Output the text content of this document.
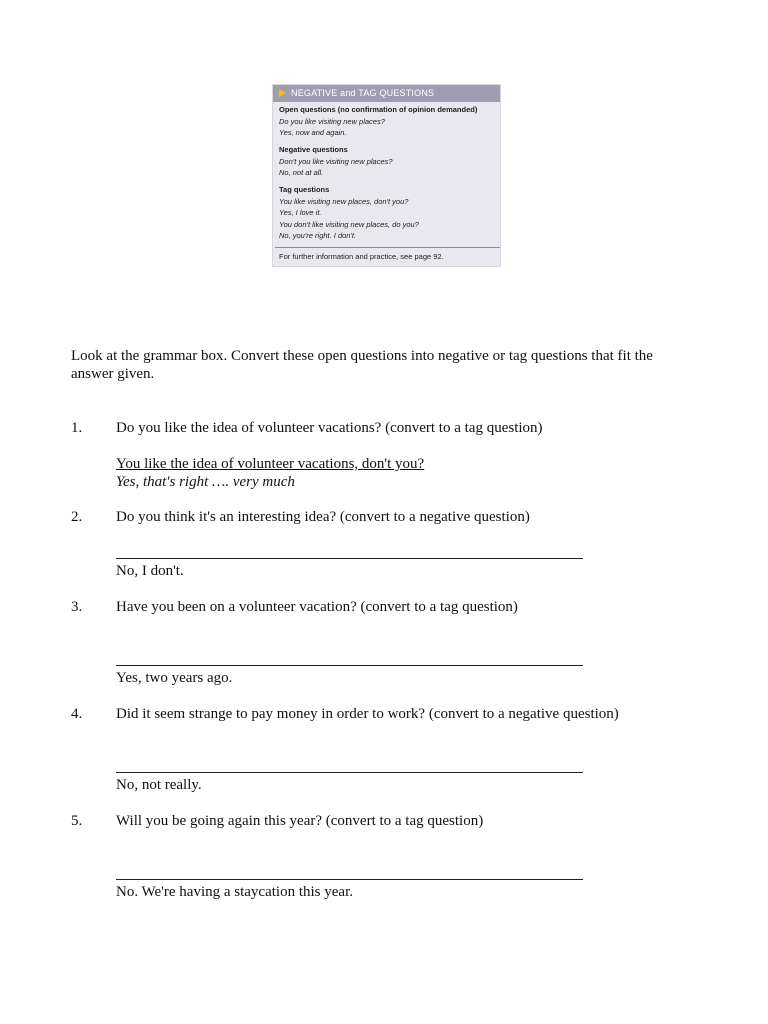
NEGATIVE and TAG QUESTIONS
Open questions (no confirmation of opinion demanded)
Do you like visiting new places?
Yes, now and again.
Negative questions
Don't you like visiting new places?
No, not at all.
Tag questions
You like visiting new places, don't you?
Yes, I love it.
You don't like visiting new places, do you?
No, you're right. I don't.
For further information and practice, see page 92.
Look at the grammar box. Convert these open questions into negative or tag questions that fit the answer given.
1. Do you like the idea of volunteer vacations? (convert to a tag question)
You like the idea of volunteer vacations, don't you?
Yes, that's right …. very much
2. Do you think it's an interesting idea? (convert to a negative question)
No, I don't.
3. Have you been on a volunteer vacation? (convert to a tag question)
Yes, two years ago.
4. Did it seem strange to pay money in order to work? (convert to a negative question)
No, not really.
5. Will you be going again this year? (convert to a tag question)
No. We're having a staycation this year.
